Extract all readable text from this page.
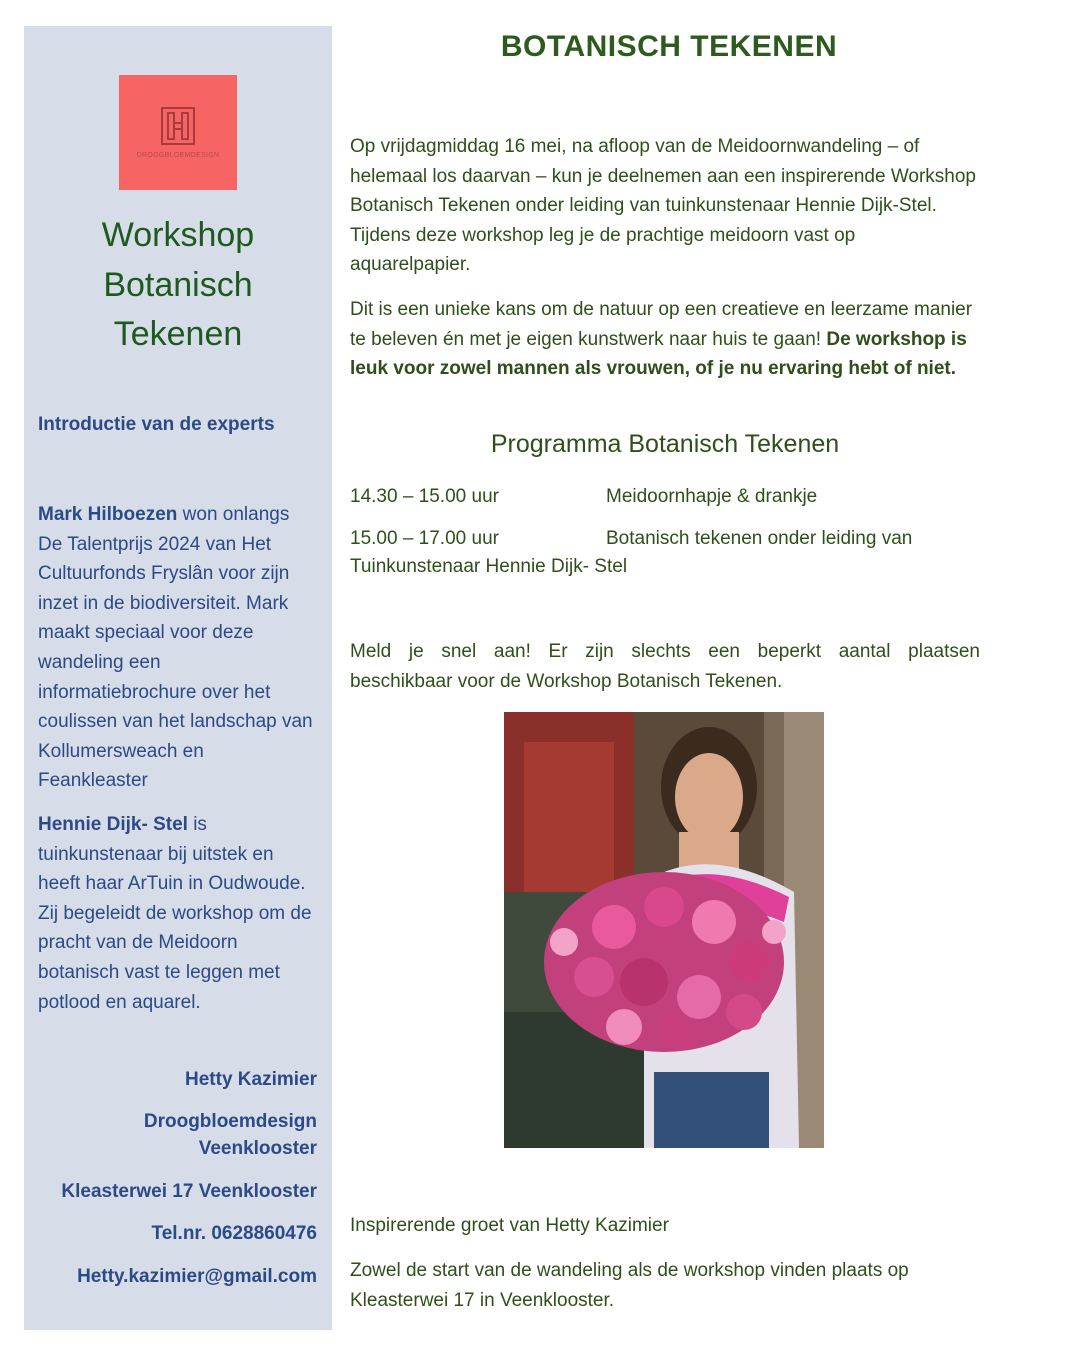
DROOGBLOEMDESIGN
Workshop
Botanisch
Tekenen
Introductie van de experts
Mark Hilboezen won onlangs De Talentprijs 2024 van Het Cultuurfonds Fryslân voor zijn inzet in de biodiversiteit. Mark maakt speciaal voor deze wandeling een informatiebrochure over het coulissen van het landschap van Kollumersweach en Feankleaster
Hennie Dijk- Stel is tuinkunstenaar bij uitstek en heeft haar ArTuin in Oudwoude. Zij begeleidt de workshop om de pracht van de Meidoorn botanisch vast te leggen met potlood en aquarel.
Hetty Kazimier
Droogbloemdesign
Veenklooster
Kleasterwei 17 Veenklooster
Tel.nr. 0628860476
Hetty.kazimier@gmail.com
BOTANISCH TEKENEN
Op vrijdagmiddag 16 mei, na afloop van de Meidoornwandeling – of helemaal los daarvan – kun je deelnemen aan een inspirerende Workshop Botanisch Tekenen onder leiding van tuinkunstenaar Hennie Dijk-Stel. Tijdens deze workshop leg je de prachtige meidoorn vast op aquarelpapier.
Dit is een unieke kans om de natuur op een creatieve en leerzame manier te beleven én met je eigen kunstwerk naar huis te gaan! De workshop is leuk voor zowel mannen als vrouwen, of je nu ervaring hebt of niet.
Programma Botanisch Tekenen
14.30 – 15.00 uur	Meidoornhapje & drankje
15.00 – 17.00 uur	Botanisch tekenen onder leiding van
Tuinkunstenaar Hennie Dijk- Stel
Meld je snel aan! Er zijn slechts een beperkt aantal plaatsen
beschikbaar voor de Workshop Botanisch Tekenen.
Inspirerende groet van Hetty Kazimier
Zowel de start van de wandeling als de workshop vinden plaats op Kleasterwei 17 in Veenklooster.
